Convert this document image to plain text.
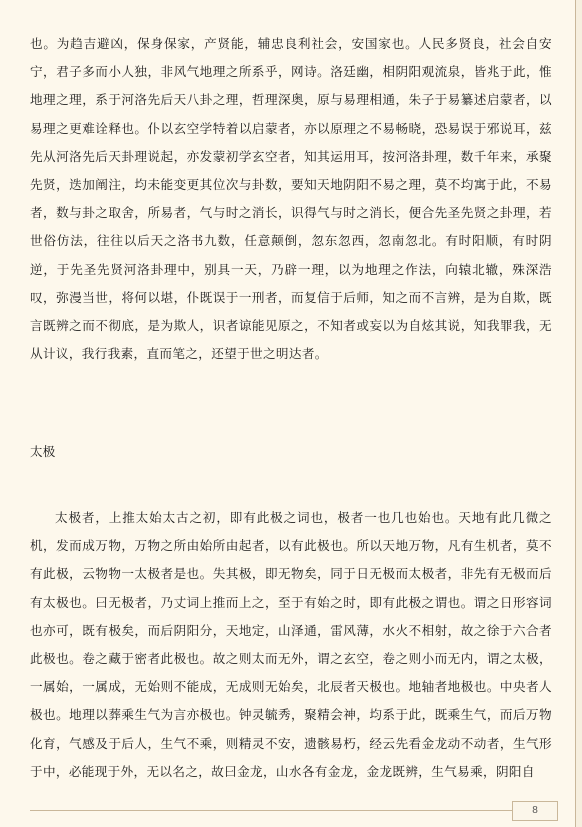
也。为趋吉避凶，保身保家，产贤能，辅忠良利社会，安国家也。人民多贤良，社会自安宁，君子多而小人独，非风气地理之所系乎，网诗。洛廷幽，相阴阳观流泉，皆兆于此，惟地理之理，系于河洛先后天八卦之理，哲理深奥，原与易理相通，朱子于易纂述启蒙者，以易理之更难诠释也。仆以玄空学特着以启蒙者，亦以原理之不易畅晓，恐易误于邪说耳，兹先从河洛先后天卦理说起，亦发蒙初学玄空者，知其运用耳，按河洛卦理，数千年来，承聚先贤，迭加阐注，均未能变更其位次与卦数，要知天地阴阳不易之理，莫不均寓于此，不易者，数与卦之取舍，所易者，气与时之消长，识得气与时之消长，便合先圣先贤之卦理，若世俗仿法，往往以后天之洛书九数，任意颠倒，忽东忽西，忽南忽北。有时阳顺，有时阴逆，于先圣先贤河洛卦理中，别具一天，乃辟一理，以为地理之作法，向辕北辙，殊深浩叹，弥漫当世，将何以堪，仆既误于一刑者，而复信于后师，知之而不言辨，是为自欺，既言既辨之而不彻底，是为欺人，识者谅能见原之，不知者或妄以为自炫其说，知我罪我，无从计议，我行我素，直而笔之，还望于世之明达者。

太极

太极者，上推太始太古之初，即有此极之词也，极者一也几也始也。天地有此几微之机，发而成万物，万物之所由始所由起者，以有此极也。所以天地万物，凡有生机者，莫不有此极，云物物一太极者是也。失其极，即无物矣，同于日无极而太极者，非先有无极而后有太极也。曰无极者，乃丈词上推而上之，至于有始之时，即有此极之谓也。谓之日形容词也亦可，既有极矣，而后阴阳分，天地定，山泽通，雷风薄，水火不相射，故之徐于六合者此极也。卷之藏于密者此极也。故之则太而无外，谓之玄空，卷之则小而无内，谓之太极，一属始，一属成，无始则不能成，无成则无始矣，北辰者天极也。地轴者地极也。中央者人极也。地理以葬乘生气为言亦极也。钟灵毓秀，聚精会神，均系于此，既乘生气，而后万物化育，气感及于后人，生气不乘，则精灵不安，遗骸易朽，经云先看金龙动不动者，生气形于中，必能现于外，无以名之，故曰金龙，山水各有金龙，金龙既辨，生气易乘，阴阳自

8
